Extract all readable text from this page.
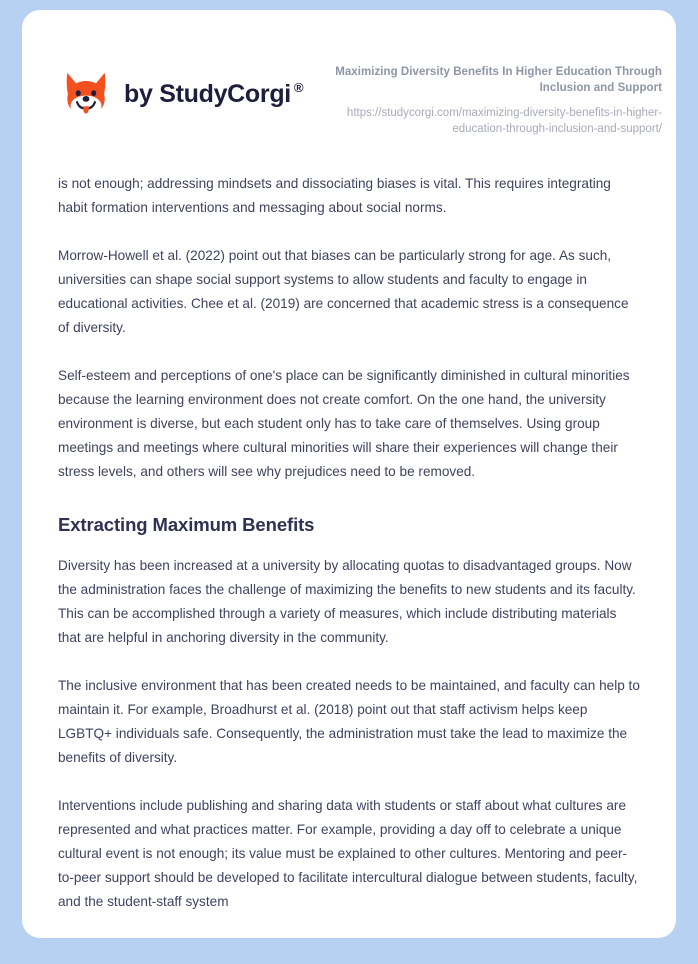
by StudyCorgi ®
Maximizing Diversity Benefits In Higher Education Through Inclusion and Support
https://studycorgi.com/maximizing-diversity-benefits-in-higher-education-through-inclusion-and-support/

is not enough; addressing mindsets and dissociating biases is vital. This requires integrating habit formation interventions and messaging about social norms.

Morrow-Howell et al. (2022) point out that biases can be particularly strong for age. As such, universities can shape social support systems to allow students and faculty to engage in educational activities. Chee et al. (2019) are concerned that academic stress is a consequence of diversity.

Self-esteem and perceptions of one's place can be significantly diminished in cultural minorities because the learning environment does not create comfort. On the one hand, the university environment is diverse, but each student only has to take care of themselves. Using group meetings and meetings where cultural minorities will share their experiences will change their stress levels, and others will see why prejudices need to be removed.

Extracting Maximum Benefits

Diversity has been increased at a university by allocating quotas to disadvantaged groups. Now the administration faces the challenge of maximizing the benefits to new students and its faculty. This can be accomplished through a variety of measures, which include distributing materials that are helpful in anchoring diversity in the community.

The inclusive environment that has been created needs to be maintained, and faculty can help to maintain it. For example, Broadhurst et al. (2018) point out that staff activism helps keep LGBTQ+ individuals safe. Consequently, the administration must take the lead to maximize the benefits of diversity.

Interventions include publishing and sharing data with students or staff about what cultures are represented and what practices matter. For example, providing a day off to celebrate a unique cultural event is not enough; its value must be explained to other cultures. Mentoring and peer-to-peer support should be developed to facilitate intercultural dialogue between students, faculty, and the student-staff system
